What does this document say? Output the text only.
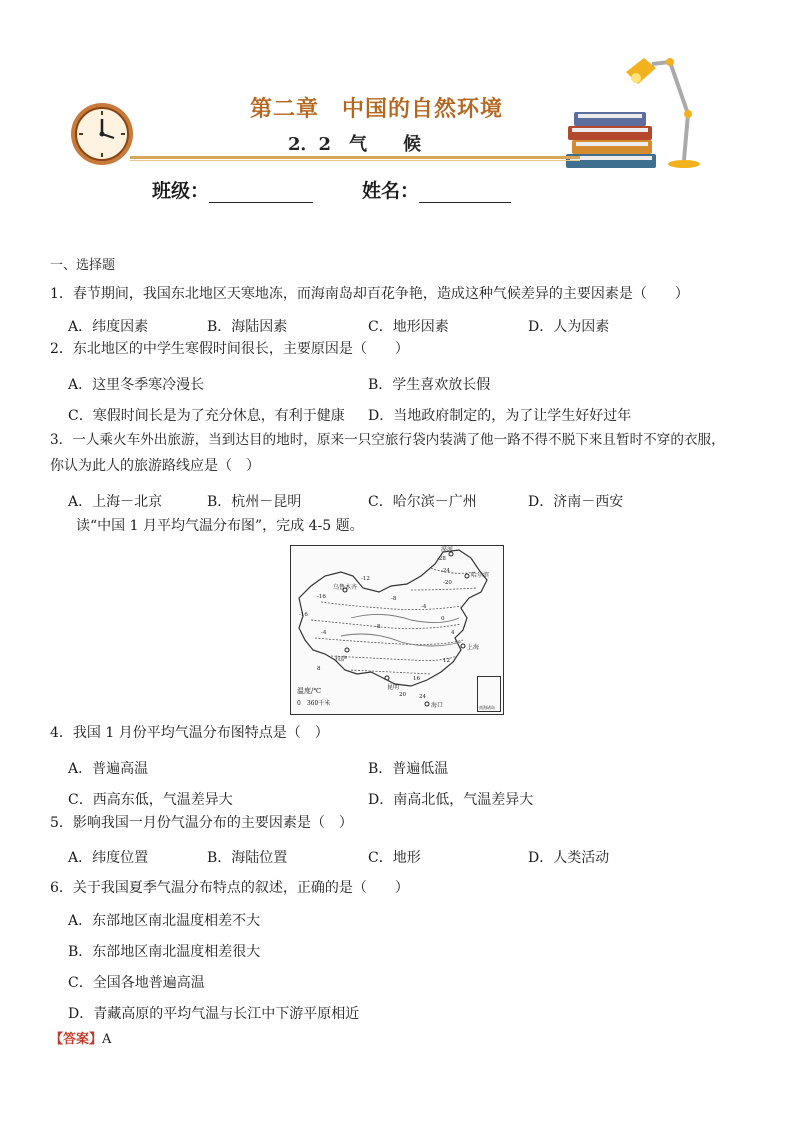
第二章　中国的自然环境
2．2　气　　候
班级：	姓名：
一、选择题
1．春节期间，我国东北地区天寒地冻，而海南岛却百花争艳，造成这种气候差异的主要因素是（　　）
A．纬度因素	B．海陆因素	C．地形因素	D．人为因素
2．东北地区的中学生寒假时间很长，主要原因是（　　）
A．这里冬季寒冷漫长	B．学生喜欢放长假
C．寒假时间长是为了充分休息，有利于健康 D．当地政府制定的，为了让学生好好过年
3．一人乘火车外出旅游，当到达目的地时，原来一只空旅行袋内装满了他一路不得不脱下来且暂时不穿的衣服，
你认为此人的旅游路线应是（　）
A．上海－北京	B．杭州－昆明	C．哈尔滨－广州	D．济南－西安
读“中国 1 月平均气温分布图”，完成 4-5 题。
漠河
哈尔滨
乌鲁木齐
拉萨
上海
昆明
海口
温度/℃
0　360千米
南海诸岛
-28
-24
-20
-16
-12
-8
-4
0
4
8
12
16
20 24
-16
-8
-4
4．我国 1 月份平均气温分布图特点是（　）
A．普遍高温	B．普遍低温
C．西高东低，气温差异大	D．南高北低，气温差异大
5．影响我国一月份气温分布的主要因素是（　）
A．纬度位置	B．海陆位置	C．地形	D．人类活动
6．关于我国夏季气温分布特点的叙述，正确的是（　　）
A．东部地区南北温度相差不大
B．东部地区南北温度相差很大
C．全国各地普遍高温
D．青藏高原的平均气温与长江中下游平原相近
【答案】A
